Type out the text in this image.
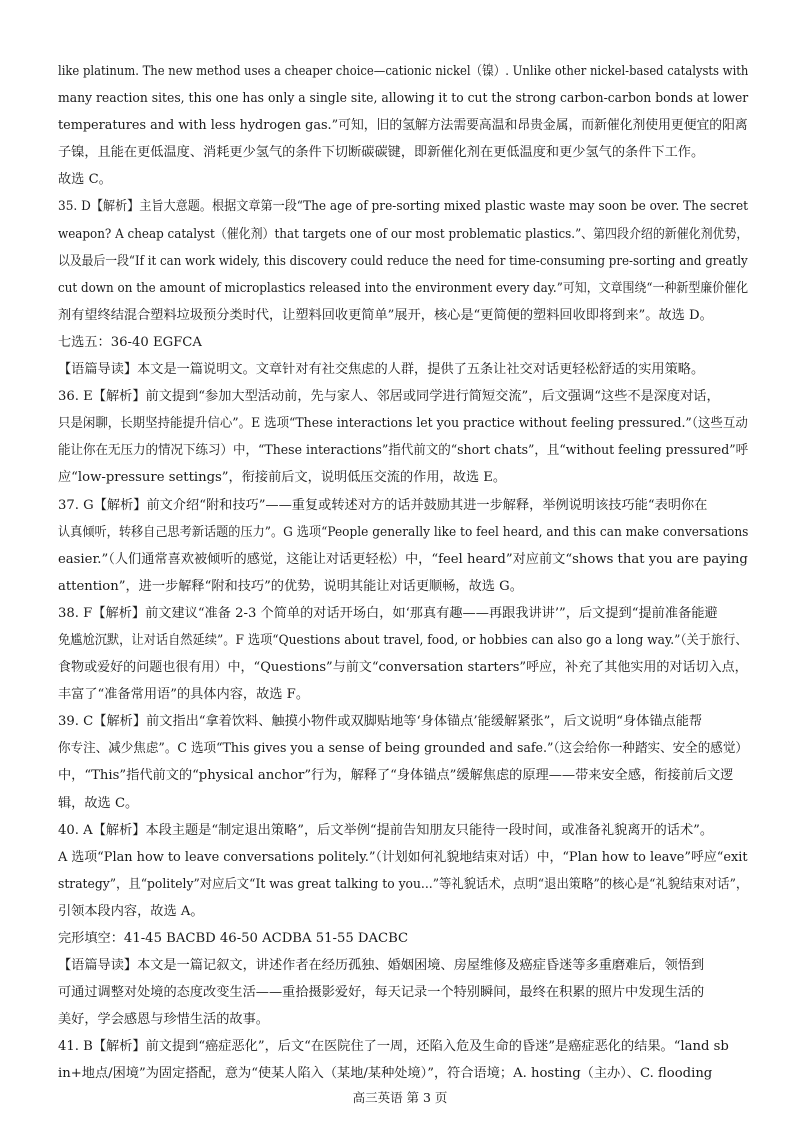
like platinum. The new method uses a cheaper choice—cationic nickel（镍）. Unlike other nickel-based catalysts with
many reaction sites, this one has only a single site, allowing it to cut the strong carbon-carbon bonds at lower
temperatures and with less hydrogen gas.”可知，旧的氢解方法需要高温和昂贵金属，而新催化剂使用更便宜的阳离
子镍，且能在更低温度、消耗更少氢气的条件下切断碳碳键，即新催化剂在更低温度和更少氢气的条件下工作。
故选 C。
35. D【解析】主旨大意题。根据文章第一段“The age of pre-sorting mixed plastic waste may soon be over. The secret
weapon? A cheap catalyst（催化剂）that targets one of our most problematic plastics.”、第四段介绍的新催化剂优势，
以及最后一段“If it can work widely, this discovery could reduce the need for time-consuming pre-sorting and greatly
cut down on the amount of microplastics released into the environment every day.”可知，文章围绕“一种新型廉价催化
剂有望终结混合塑料垃圾预分类时代，让塑料回收更简单”展开，核心是“更简便的塑料回收即将到来”。故选 D。
七选五：36-40 EGFCA
【语篇导读】本文是一篇说明文。文章针对有社交焦虑的人群，提供了五条让社交对话更轻松舒适的实用策略。
36. E【解析】前文提到“参加大型活动前，先与家人、邻居或同学进行简短交流”，后文强调“这些不是深度对话，
只是闲聊，长期坚持能提升信心”。E 选项“These interactions let you practice without feeling pressured.”（这些互动
能让你在无压力的情况下练习）中，“These interactions”指代前文的“short chats”，且“without feeling pressured”呼
应“low-pressure settings”，衔接前后文，说明低压交流的作用，故选 E。
37. G【解析】前文介绍“附和技巧”——重复或转述对方的话并鼓励其进一步解释，举例说明该技巧能“表明你在
认真倾听，转移自己思考新话题的压力”。G 选项“People generally like to feel heard, and this can make conversations
easier.”（人们通常喜欢被倾听的感觉，这能让对话更轻松）中，“feel heard”对应前文“shows that you are paying
attention”，进一步解释“附和技巧”的优势，说明其能让对话更顺畅，故选 G。
38. F【解析】前文建议“准备 2-3 个简单的对话开场白，如‘那真有趣——再跟我讲讲’”，后文提到“提前准备能避
免尴尬沉默，让对话自然延续”。F 选项“Questions about travel, food, or hobbies can also go a long way.”（关于旅行、
食物或爱好的问题也很有用）中，“Questions”与前文“conversation starters”呼应，补充了其他实用的对话切入点，
丰富了“准备常用语”的具体内容，故选 F。
39. C【解析】前文指出“拿着饮料、触摸小物件或双脚贴地等‘身体锚点’能缓解紧张”，后文说明“身体锚点能帮
你专注、减少焦虑”。C 选项“This gives you a sense of being grounded and safe.”（这会给你一种踏实、安全的感觉）
中，“This”指代前文的“physical anchor”行为，解释了“身体锚点”缓解焦虑的原理——带来安全感，衔接前后文逻
辑，故选 C。
40. A【解析】本段主题是“制定退出策略”，后文举例“提前告知朋友只能待一段时间，或准备礼貌离开的话术”。
A 选项“Plan how to leave conversations politely.”（计划如何礼貌地结束对话）中，“Plan how to leave”呼应“exit
strategy”，且“politely”对应后文“It was great talking to you...”等礼貌话术，点明“退出策略”的核心是“礼貌结束对话”，
引领本段内容，故选 A。
完形填空：41-45 BACBD 46-50 ACDBA 51-55 DACBC
【语篇导读】本文是一篇记叙文，讲述作者在经历孤独、婚姻困境、房屋维修及癌症昏迷等多重磨难后，领悟到
可通过调整对处境的态度改变生活——重拾摄影爱好，每天记录一个特别瞬间，最终在积累的照片中发现生活的
美好，学会感恩与珍惜生活的故事。
41. B【解析】前文提到“癌症恶化”，后文“在医院住了一周，还陷入危及生命的昏迷”是癌症恶化的结果。“land sb
in+地点/困境”为固定搭配，意为“使某人陷入（某地/某种处境）”，符合语境；A. hosting（主办）、C. flooding
高三英语 第 3 页
